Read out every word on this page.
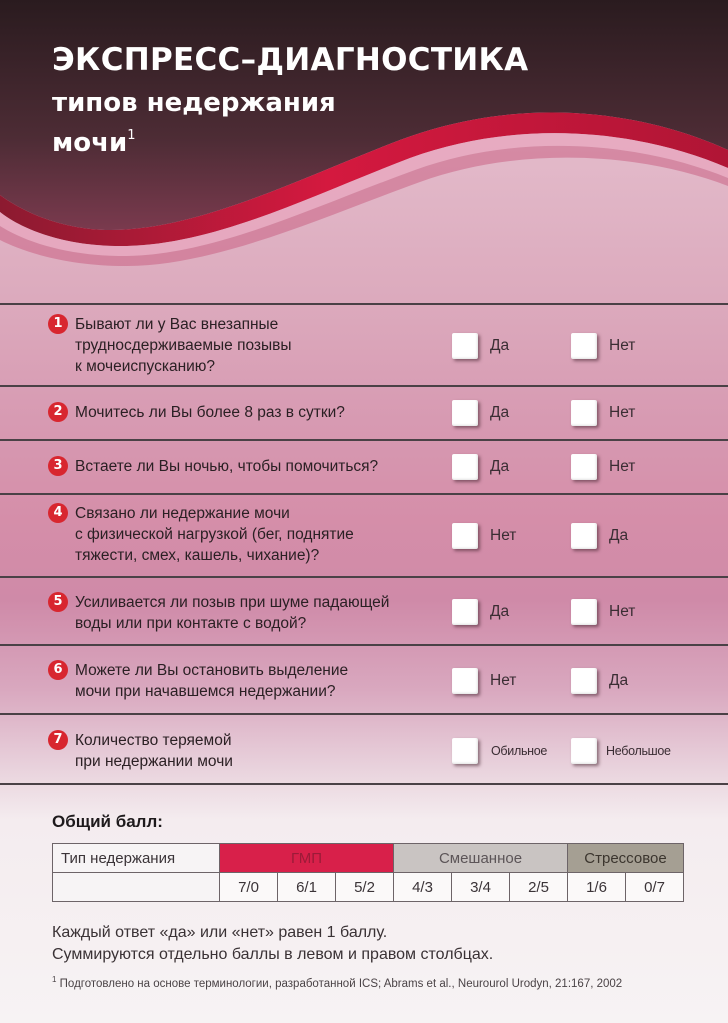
ЭКСПРЕСС–ДИАГНОСТИКА
типов недержания
мочи$^1$
1 Бывают ли у Вас внезапные
трудносдерживаемые позывы
к мочеиспусканию?
Да	Нет
2 Мочитесь ли Вы более 8 раз в сутки?	Да	Нет
3 Встаете ли Вы ночью, чтобы помочиться?	Да	Нет
4 Связано ли недержание мочи
с физической нагрузкой (бег, поднятие
тяжести, смех, кашель, чихание)?
Нет	Да
5 Усиливается ли позыв при шуме падающей
воды или при контакте с водой?
Да	Нет
6 Можете ли Вы остановить выделение
мочи при начавшемся недержании?
Нет	Да
7 Количество теряемой
при недержании мочи
Обильное	Небольшое
Общий балл:
Тип недержания	ГМП			Смешанное			Стрессовое	
	7/0	6/1	5/2	4/3	3/4	2/5	1/6	0/7

Каждый ответ «да» или «нет» равен 1 баллу.
Суммируются отдельно баллы в левом и правом столбцах.

$^1$ Подготовлено на основе терминологии, разработанной ICS; Abrams et al., Neurourol Urodyn, 21:167, 2002
